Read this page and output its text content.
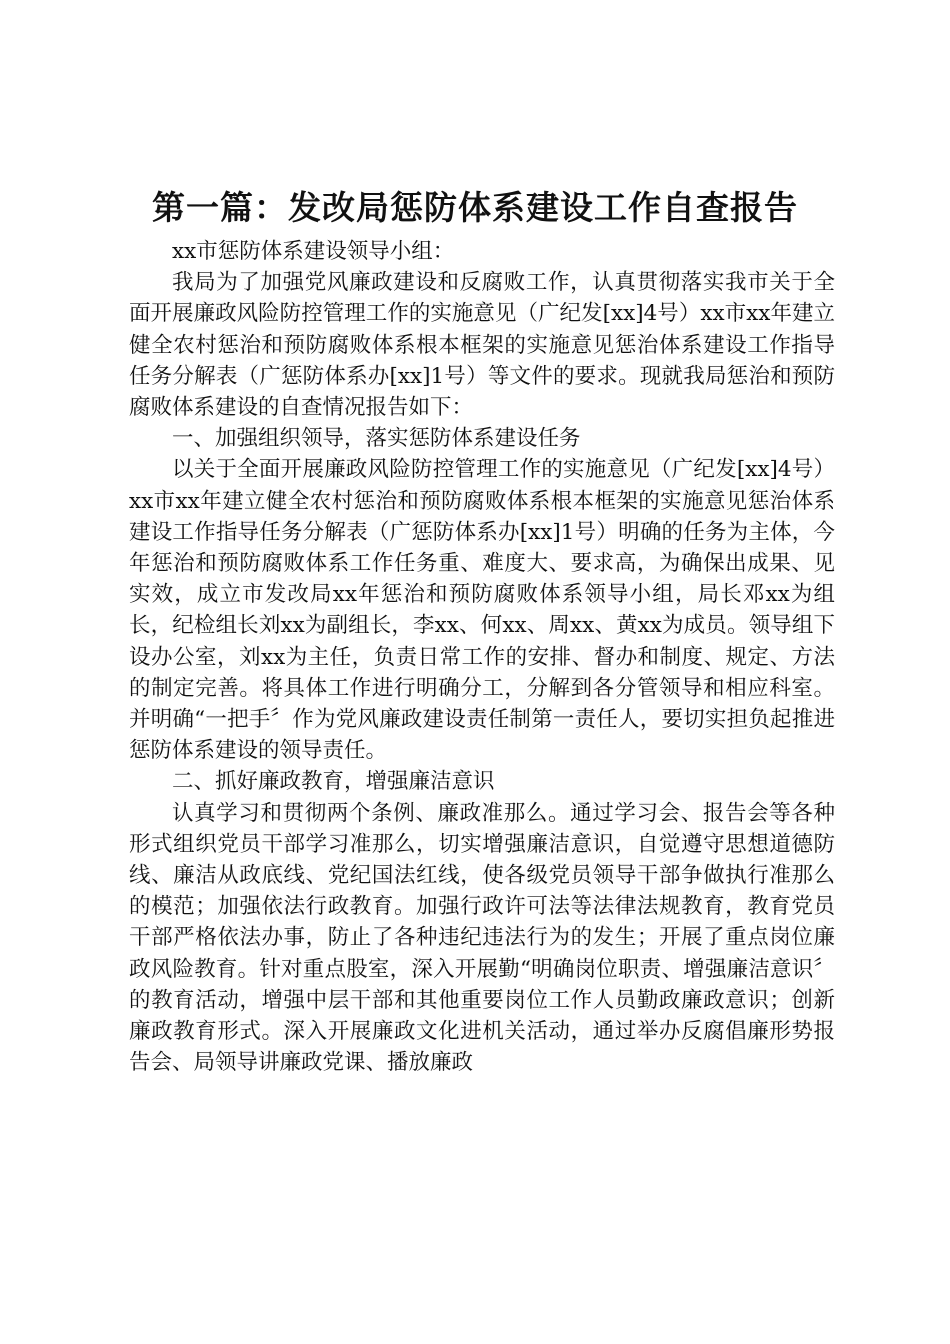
第一篇：发改局惩防体系建设工作自查报告

xx市惩防体系建设领导小组：

我局为了加强党风廉政建设和反腐败工作，认真贯彻落实我市关于全面开展廉政风险防控管理工作的实施意见（广纪发[xx]4号）xx市xx年建立健全农村惩治和预防腐败体系根本框架的实施意见惩治体系建设工作指导任务分解表（广惩防体系办[xx]1号）等文件的要求。现就我局惩治和预防腐败体系建设的自查情况报告如下：

一、加强组织领导，落实惩防体系建设任务

以关于全面开展廉政风险防控管理工作的实施意见（广纪发[xx]4号）xx市xx年建立健全农村惩治和预防腐败体系根本框架的实施意见惩治体系建设工作指导任务分解表（广惩防体系办[xx]1号）明确的任务为主体，今年惩治和预防腐败体系工作任务重、难度大、要求高，为确保出成果、见实效，成立市发改局xx年惩治和预防腐败体系领导小组，局长邓xx为组长，纪检组长刘xx为副组长，李xx、何xx、周xx、黄xx为成员。领导组下设办公室，刘xx为主任，负责日常工作的安排、督办和制度、规定、方法的制定完善。将具体工作进行明确分工，分解到各分管领导和相应科室。并明确“一把手〞作为党风廉政建设责任制第一责任人，要切实担负起推进惩防体系建设的领导责任。

二、抓好廉政教育，增强廉洁意识

认真学习和贯彻两个条例、廉政准那么。通过学习会、报告会等各种形式组织党员干部学习准那么，切实增强廉洁意识，自觉遵守思想道德防线、廉洁从政底线、党纪国法红线，使各级党员领导干部争做执行准那么的模范；加强依法行政教育。加强行政许可法等法律法规教育，教育党员干部严格依法办事，防止了各种违纪违法行为的发生；开展了重点岗位廉政风险教育。针对重点股室，深入开展勤“明确岗位职责、增强廉洁意识〞的教育活动，增强中层干部和其他重要岗位工作人员勤政廉政意识；创新廉政教育形式。深入开展廉政文化进机关活动，通过举办反腐倡廉形势报告会、局领导讲廉政党课、播放廉政
